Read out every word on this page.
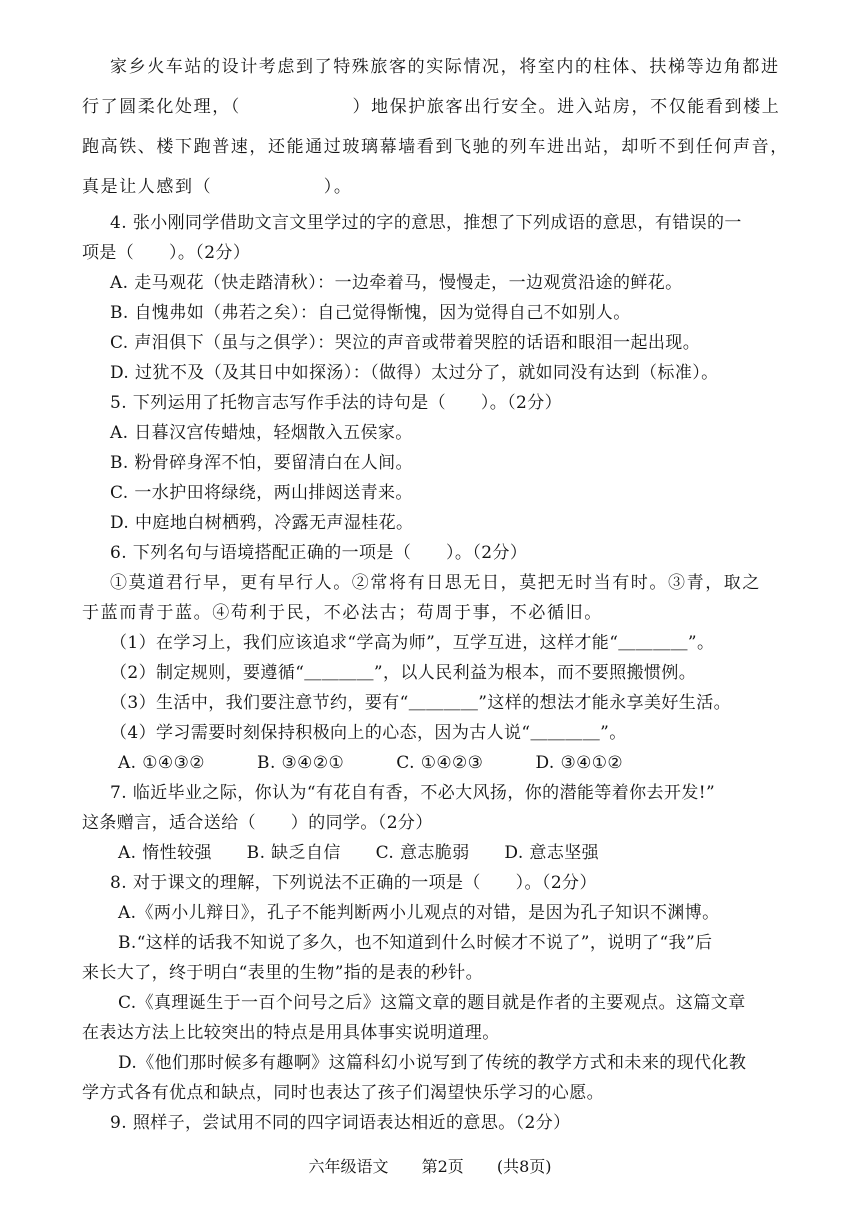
家乡火车站的设计考虑到了特殊旅客的实际情况，将室内的柱体、扶梯等边角都进
行了圆柔化处理，（　　　　　　）地保护旅客出行安全。进入站房，不仅能看到楼上
跑高铁、楼下跑普速，还能通过玻璃幕墙看到飞驰的列车进出站，却听不到任何声音，
真是让人感到（　　　　　　）。
4. 张小刚同学借助文言文里学过的字的意思，推想了下列成语的意思，有错误的一
项是（　　）。（2分）
A. 走马观花（快走踏清秋）：一边牵着马，慢慢走，一边观赏沿途的鲜花。
B. 自愧弗如（弗若之矣）：自己觉得惭愧，因为觉得自己不如别人。
C. 声泪俱下（虽与之俱学）：哭泣的声音或带着哭腔的话语和眼泪一起出现。
D. 过犹不及（及其日中如探汤）：（做得）太过分了，就如同没有达到（标准）。
5. 下列运用了托物言志写作手法的诗句是（　　）。（2分）
A. 日暮汉宫传蜡烛，轻烟散入五侯家。
B. 粉骨碎身浑不怕，要留清白在人间。
C. 一水护田将绿绕，两山排闼送青来。
D. 中庭地白树栖鸦，冷露无声湿桂花。
6. 下列名句与语境搭配正确的一项是（　　）。（2分）
①莫道君行早，更有早行人。②常将有日思无日，莫把无时当有时。③青，取之
于蓝而青于蓝。④苟利于民，不必法古；苟周于事，不必循旧。
（1）在学习上，我们应该追求“学高为师”，互学互进，这样才能“＿＿＿＿”。
（2）制定规则，要遵循“＿＿＿＿”，以人民利益为根本，而不要照搬惯例。
（3）生活中，我们要注意节约，要有“＿＿＿＿”这样的想法才能永享美好生活。
（4）学习需要时刻保持积极向上的心态，因为古人说“＿＿＿＿”。
A. ①④③②　　　B. ③④②①　　　C. ①④②③　　　D. ③④①②
7. 临近毕业之际，你认为“有花自有香，不必大风扬，你的潜能等着你去开发!”
这条赠言，适合送给（　　）的同学。（2分）
A. 惰性较强　　B. 缺乏自信　　C. 意志脆弱　　D. 意志坚强
8. 对于课文的理解，下列说法不正确的一项是（　　）。（2分）
A.《两小儿辩日》，孔子不能判断两小儿观点的对错，是因为孔子知识不渊博。
B.“这样的话我不知说了多久，也不知道到什么时候才不说了”，说明了“我”后
来长大了，终于明白“表里的生物”指的是表的秒针。
C.《真理诞生于一百个问号之后》这篇文章的题目就是作者的主要观点。这篇文章
在表达方法上比较突出的特点是用具体事实说明道理。
D.《他们那时候多有趣啊》这篇科幻小说写到了传统的教学方式和未来的现代化教
学方式各有优点和缺点，同时也表达了孩子们渴望快乐学习的心愿。
9. 照样子，尝试用不同的四字词语表达相近的意思。（2分）
六年级语文 第2页 (共8页)
